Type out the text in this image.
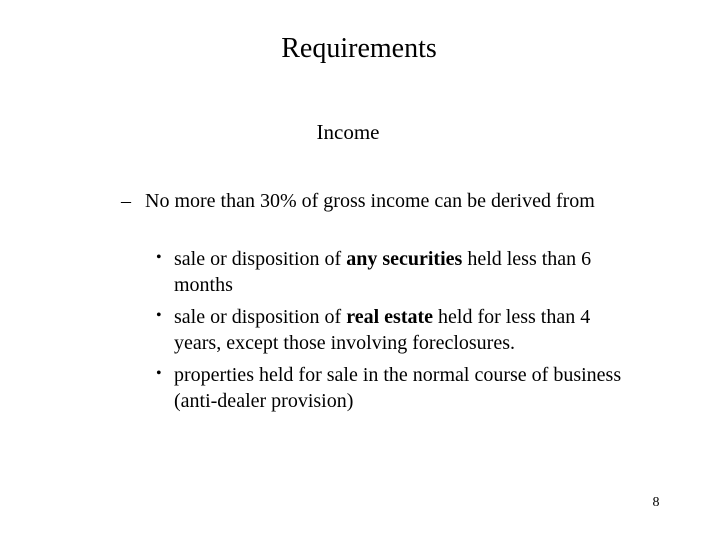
Requirements
Income
– No more than 30% of gross income can be derived from
• sale or disposition of any securities held less than 6 months
• sale or disposition of real estate held for less than 4 years, except those involving foreclosures.
• properties held for sale in the normal course of business (anti-dealer provision)
8
